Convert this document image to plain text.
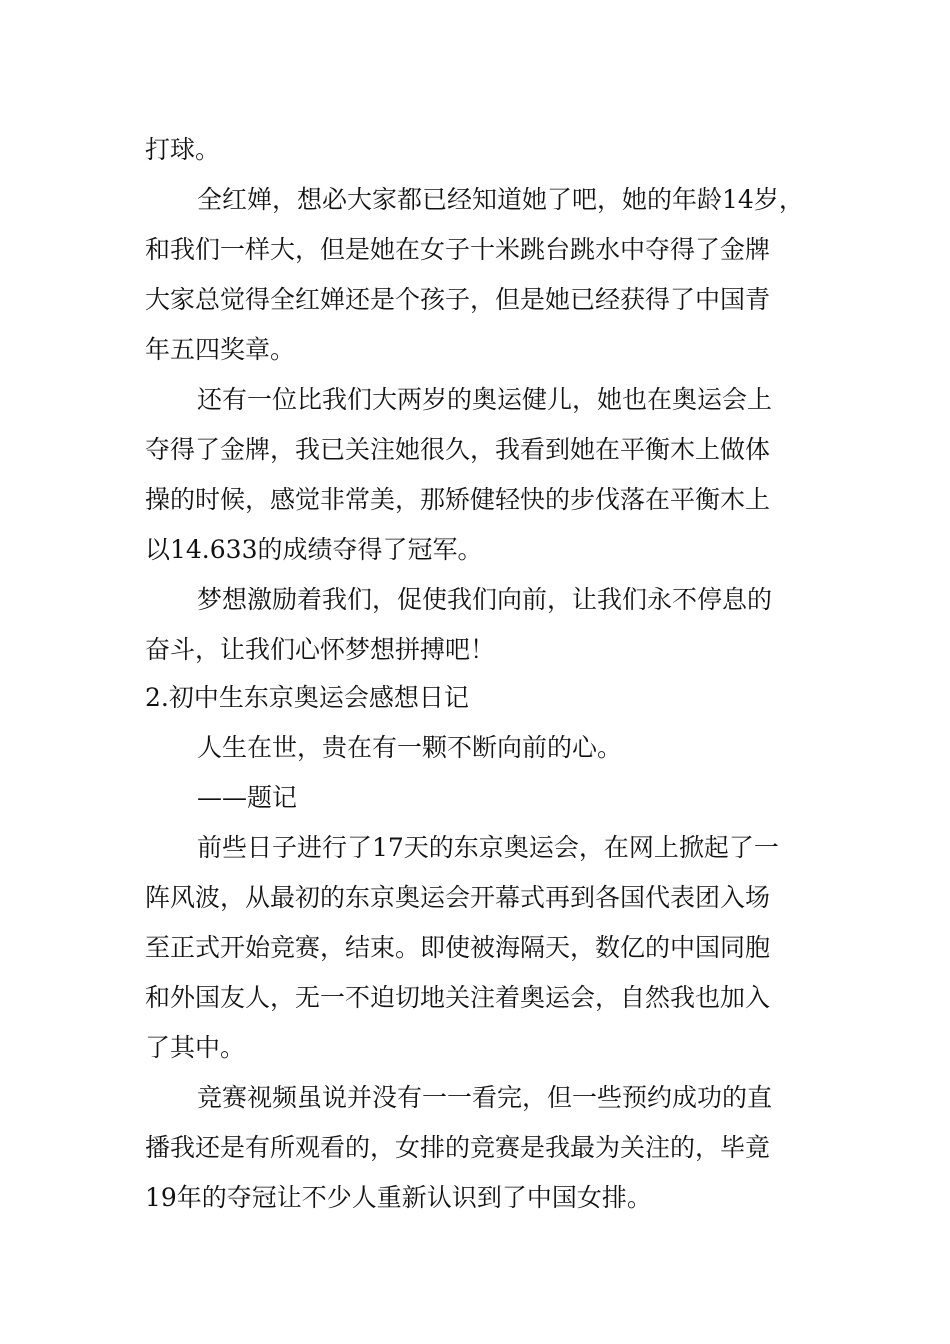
打球。
全红婵，想必大家都已经知道她了吧，她的年龄14岁，
和我们一样大，但是她在女子十米跳台跳水中夺得了金牌
大家总觉得全红婵还是个孩子，但是她已经获得了中国青
年五四奖章。
还有一位比我们大两岁的奥运健儿，她也在奥运会上
夺得了金牌，我已关注她很久，我看到她在平衡木上做体
操的时候，感觉非常美，那矫健轻快的步伐落在平衡木上
以14.633的成绩夺得了冠军。
梦想激励着我们，促使我们向前，让我们永不停息的
奋斗，让我们心怀梦想拼搏吧！
2.初中生东京奥运会感想日记
人生在世，贵在有一颗不断向前的心。
——题记
前些日子进行了17天的东京奥运会，在网上掀起了一
阵风波，从最初的东京奥运会开幕式再到各国代表团入场
至正式开始竞赛，结束。即使被海隔天，数亿的中国同胞
和外国友人，无一不迫切地关注着奥运会，自然我也加入
了其中。
竞赛视频虽说并没有一一看完，但一些预约成功的直
播我还是有所观看的，女排的竞赛是我最为关注的，毕竟
19年的夺冠让不少人重新认识到了中国女排。
